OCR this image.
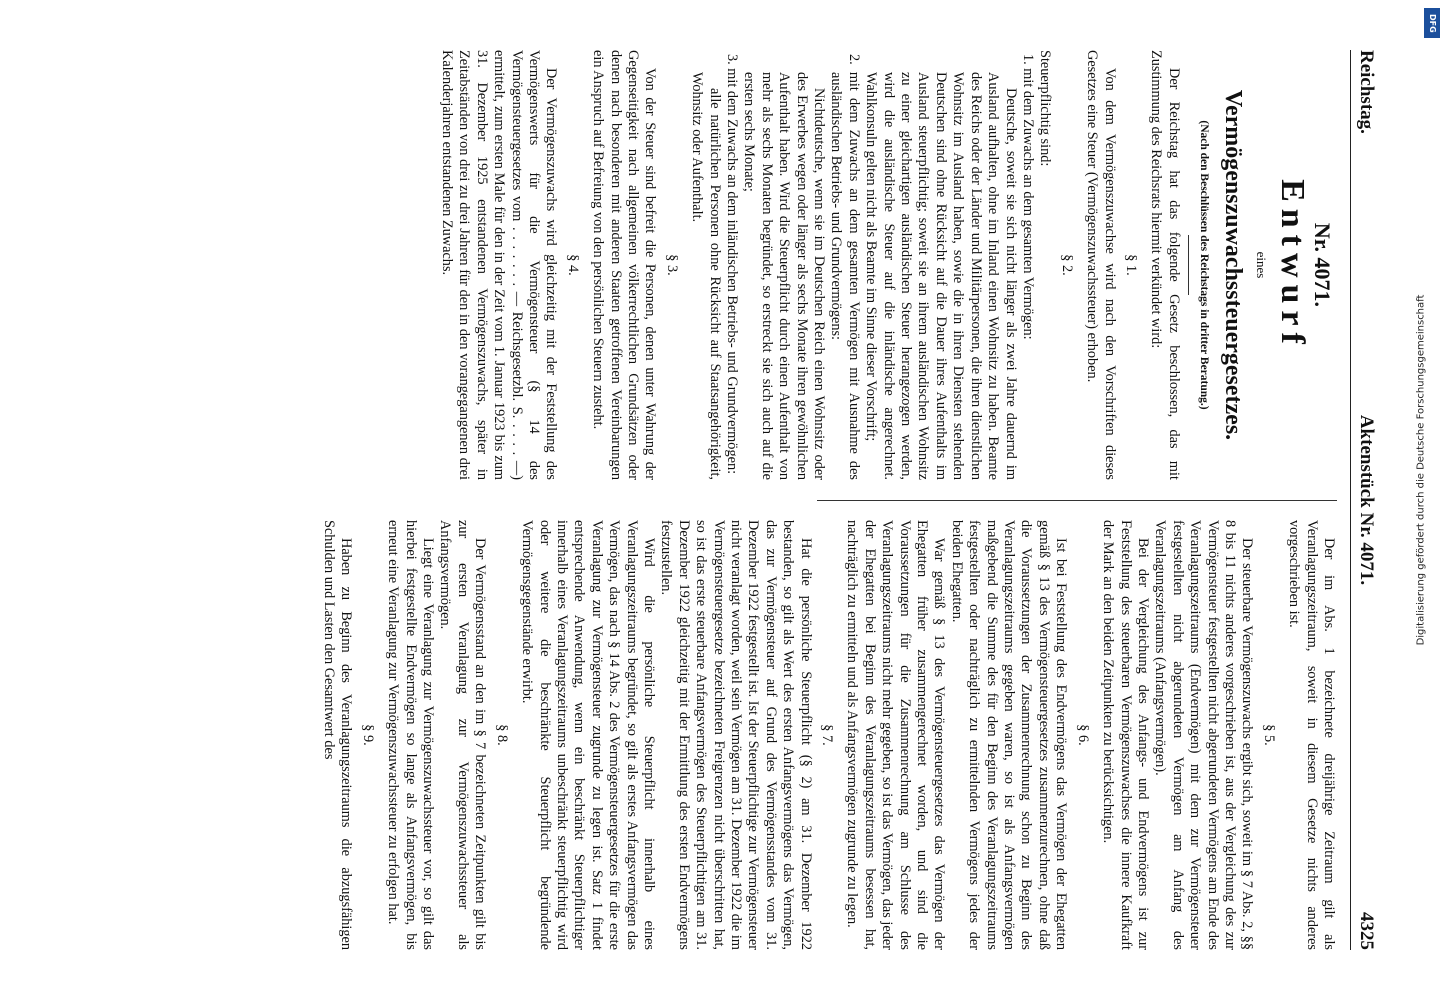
Reichstag.
Aktenstück Nr. 4071.
4325
Nr. 4071.
Entwurf
eines
Vermögenszuwachssteuergesetzes.
(Nach den Beschlüssen des Reichstags in dritter Beratung.)

Der Reichstag hat das folgende Gesetz beschlossen, das mit Zustimmung des Reichsrats hiermit verkündet wird:

§ 1.

Von dem Vermögenszuwachse wird nach den Vorschriften dieses Gesetzes eine Steuer (Vermögenszuwachssteuer) erhoben.

§ 2.

Steuerpflichtig sind:

1. mit dem Zuwachs an dem gesamten Vermögen:

Deutsche, soweit sie sich nicht länger als zwei Jahre dauernd im Ausland aufhalten, ohne im Inland einen Wohnsitz zu haben. Beamte des Reichs oder der Länder und Militärpersonen, die ihren dienstlichen Wohnsitz im Ausland haben, sowie die in ihren Diensten stehenden Deutschen sind ohne Rücksicht auf die Dauer ihres Aufenthalts im Ausland steuerpflichtig; soweit sie an ihrem ausländischen Wohnsitz zu einer gleichartigen ausländischen Steuer herangezogen werden, wird die ausländische Steuer auf die inländische angerechnet. Wahlkonsuln gelten nicht als Beamte im Sinne dieser Vorschrift;

2. mit dem Zuwachs an dem gesamten Vermögen mit Ausnahme des ausländischen Betriebs- und Grundvermögens:

Nichtdeutsche, wenn sie im Deutschen Reich einen Wohnsitz oder des Erwerbes wegen oder länger als sechs Monate ihren gewöhnlichen Aufenthalt haben. Wird die Steuerpflicht durch einen Aufenthalt von mehr als sechs Monaten begründet, so erstreckt sie sich auch auf die ersten sechs Monate;

3. mit dem Zuwachs an dem inländischen Betriebs- und Grundvermögen:

alle natürlichen Personen ohne Rücksicht auf Staatsangehörigkeit, Wohnsitz oder Aufenthalt.

§ 3.

Von der Steuer sind befreit die Personen, denen unter Wahrung der Gegenseitigkeit nach allgemeinen völkerrechtlichen Grundsätzen oder denen nach besonderen mit anderen Staaten getroffenen Vereinbarungen ein Anspruch auf Befreiung von den persönlichen Steuern zusteht.

§ 4.

Der Vermögenszuwachs wird gleichzeitig mit der Feststellung des Vermögenswerts für die Vermögensteuer (§ 14 des Vermögensteuergesetzes vom . . . . . . . — Reichsgesetzbl. S. . . . . —) ermittelt, zum ersten Male für den in der Zeit vom 1. Januar 1923 bis zum 31. Dezember 1925 entstandenen Vermögenszuwachs, später in Zeitabständen von drei zu drei Jahren für den in den vorangegangenen drei Kalenderjahren entstandenen Zuwachs.

Der im Abs. 1 bezeichnete dreijährige Zeitraum gilt als Veranlagungszeitraum, soweit in diesem Gesetze nichts anderes vorgeschrieben ist.

§ 5.

Der steuerbare Vermögenszuwachs ergibt sich, soweit im § 7 Abs. 2, §§ 8 bis 11 nichts anderes vorgeschrieben ist, aus der Vergleichung des zur Vermögensteuer festgestellten nicht abgerundeten Vermögens am Ende des Veranlagungszeitraums (Endvermögen) mit dem zur Vermögensteuer festgestellten nicht abgerundeten Vermögen am Anfang des Veranlagungszeitraums (Anfangsvermögen).

Bei der Vergleichung des Anfangs- und Endvermögens ist zur Feststellung des steuerbaren Vermögenszuwachses die innere Kaufkraft der Mark an den beiden Zeitpunkten zu berücksichtigen.

§ 6.

Ist bei Feststellung des Endvermögens das Vermögen der Ehegatten gemäß § 13 des Vermögensteuergesetzes zusammenzurechnen, ohne daß die Voraussetzungen der Zusammenrechnung schon zu Beginn des Veranlagungszeitraums gegeben waren, so ist als Anfangsvermögen maßgebend die Summe des für den Beginn des Veranlagungszeitraums festgestellten oder nachträglich zu ermittelnden Vermögens jedes der beiden Ehegatten.

War gemäß § 13 des Vermögensteuergesetzes das Vermögen der Ehegatten früher zusammengerechnet worden, und sind die Voraussetzungen für die Zusammenrechnung am Schlusse des Veranlagungszeitraums nicht mehr gegeben, so ist das Vermögen, das jeder der Ehegatten bei Beginn des Veranlagungszeitraums besessen hat, nachträglich zu ermitteln und als Anfangsvermögen zugrunde zu legen.

§ 7.

Hat die persönliche Steuerpflicht (§ 2) am 31. Dezember 1922 bestanden, so gilt als Wert des ersten Anfangsvermögens das Vermögen, das zur Vermögensteuer auf Grund des Vermögensstandes vom 31. Dezember 1922 festgestellt ist. Ist der Steuerpflichtige zur Vermögensteuer nicht veranlagt worden, weil sein Vermögen am 31. Dezember 1922 die im Vermögensteuergesetze bezeichneten Freigrenzen nicht überschritten hat, so ist das erste steuerbare Anfangsvermögen des Steuerpflichtigen am 31. Dezember 1922 gleichzeitig mit der Ermittlung des ersten Endvermögens festzustellen.

Wird die persönliche Steuerpflicht innerhalb eines Veranlagungszeitraums begründet, so gilt als erstes Anfangsvermögen das Vermögen, das nach § 14 Abs. 2 des Vermögensteuergesetzes für die erste Veranlagung zur Vermögensteuer zugrunde zu legen ist. Satz 1 findet entsprechende Anwendung, wenn ein beschränkt Steuerpflichtiger innerhalb eines Veranlagungszeitraums unbeschränkt steuerpflichtig wird oder weitere die beschränkte Steuerpflicht begründende Vermögensgegenstände erwirbt.

§ 8.

Der Vermögensstand an den im § 7 bezeichneten Zeitpunkten gilt bis zur ersten Veranlagung zur Vermögenszuwachssteuer als Anfangsvermögen.

Liegt eine Veranlagung zur Vermögenszuwachssteuer vor, so gilt das hierbei festgestellte Endvermögen so lange als Anfangsvermögen, bis erneut eine Veranlagung zur Vermögenszuwachssteuer zu erfolgen hat.

§ 9.

Haben zu Beginn des Veranlagungszeitraums die abzugsfähigen Schulden und Lasten den Gesamtwert des

DFG
Digitalisierung gefördert durch die Deutsche Forschungsgemeinschaft
